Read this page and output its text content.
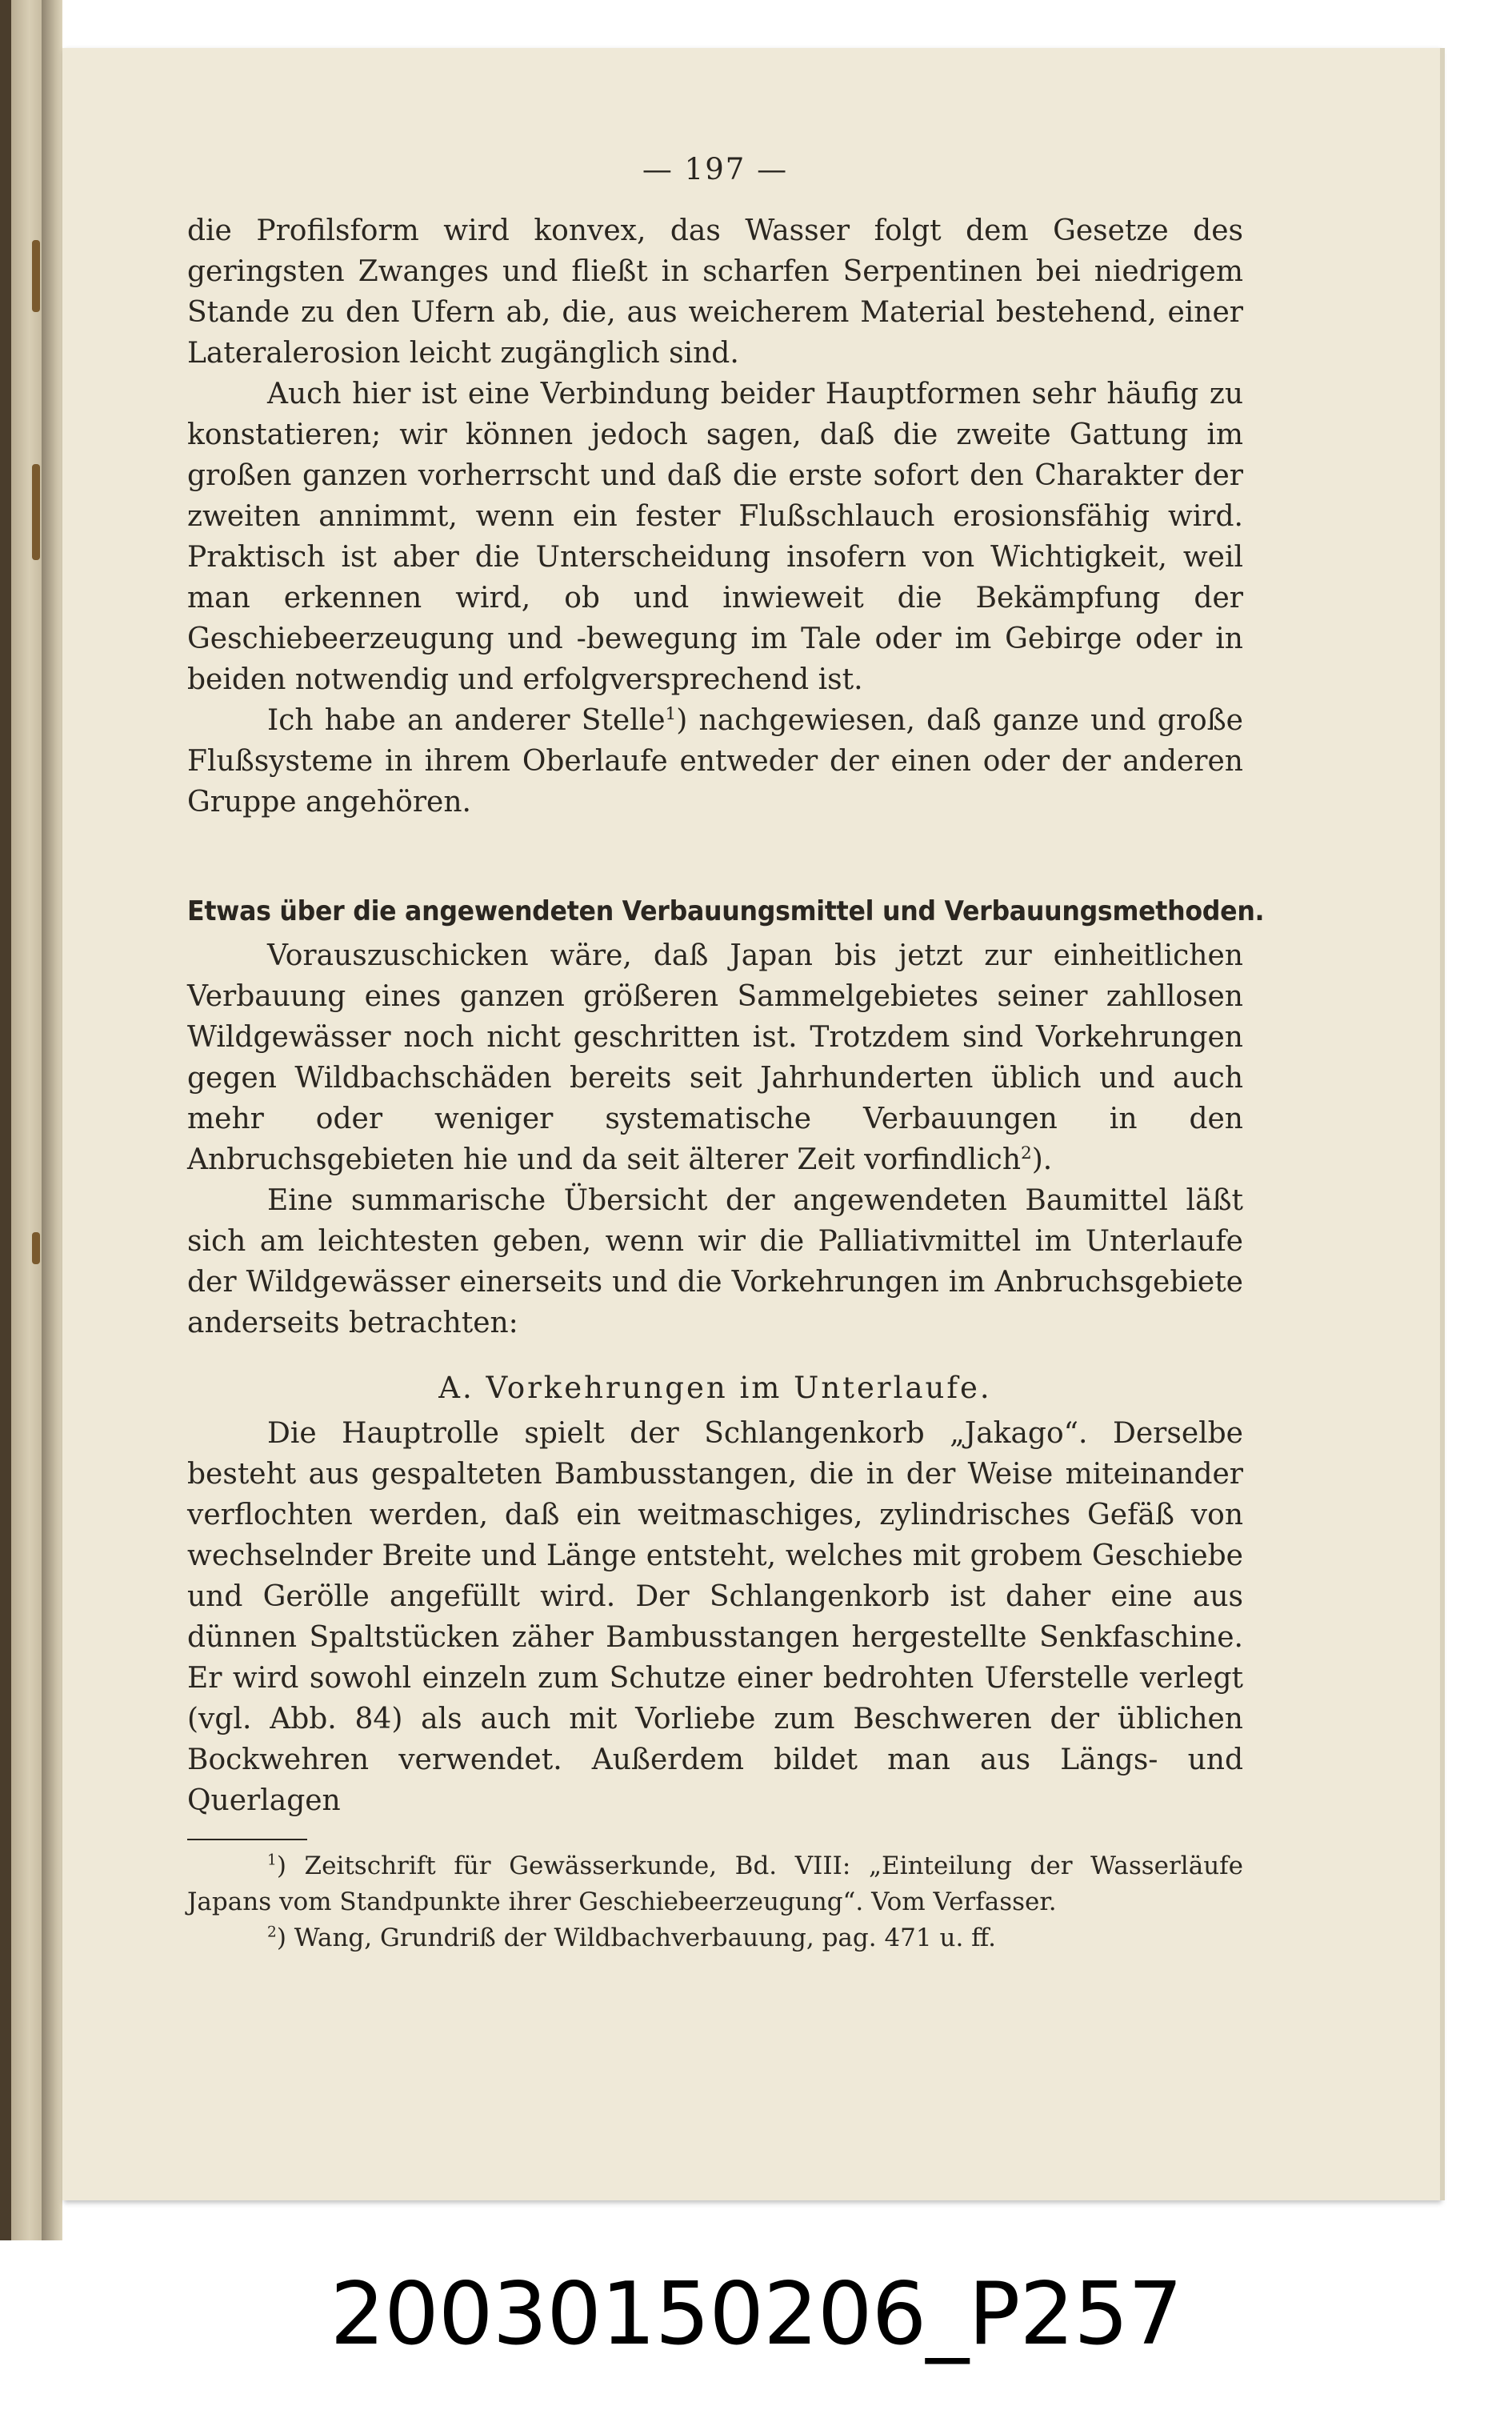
— 197 —

die Profilsform wird konvex, das Wasser folgt dem Gesetze des geringsten Zwanges und fließt in scharfen Serpentinen bei niedrigem Stande zu den Ufern ab, die, aus weicherem Material bestehend, einer Lateralerosion leicht zugänglich sind.

Auch hier ist eine Verbindung beider Hauptformen sehr häufig zu konstatieren; wir können jedoch sagen, daß die zweite Gattung im großen ganzen vorherrscht und daß die erste sofort den Charakter der zweiten annimmt, wenn ein fester Flußschlauch erosionsfähig wird. Praktisch ist aber die Unterscheidung insofern von Wichtigkeit, weil man erkennen wird, ob und inwieweit die Bekämpfung der Geschiebeerzeugung und -bewegung im Tale oder im Gebirge oder in beiden notwendig und erfolgversprechend ist.

Ich habe an anderer Stelle$^1$) nachgewiesen, daß ganze und große Flußsysteme in ihrem Oberlaufe entweder der einen oder der anderen Gruppe angehören.

Etwas über die angewendeten Verbauungsmittel und Verbauungsmethoden.

Vorauszuschicken wäre, daß Japan bis jetzt zur einheitlichen Verbauung eines ganzen größeren Sammelgebietes seiner zahllosen Wildgewässer noch nicht geschritten ist. Trotzdem sind Vorkehrungen gegen Wildbachschäden bereits seit Jahrhunderten üblich und auch mehr oder weniger systematische Verbauungen in den Anbruchsgebieten hie und da seit älterer Zeit vorfindlich$^2$).

Eine summarische Übersicht der angewendeten Baumittel läßt sich am leichtesten geben, wenn wir die Palliativmittel im Unterlaufe der Wildgewässer einerseits und die Vorkehrungen im Anbruchsgebiete anderseits betrachten:

A. Vorkehrungen im Unterlaufe.

Die Hauptrolle spielt der Schlangenkorb „Jakago“. Derselbe besteht aus gespalteten Bambusstangen, die in der Weise miteinander verflochten werden, daß ein weitmaschiges, zylindrisches Gefäß von wechselnder Breite und Länge entsteht, welches mit grobem Geschiebe und Gerölle angefüllt wird. Der Schlangenkorb ist daher eine aus dünnen Spaltstücken zäher Bambusstangen hergestellte Senkfaschine. Er wird sowohl einzeln zum Schutze einer bedrohten Uferstelle verlegt (vgl. Abb. 84) als auch mit Vorliebe zum Beschweren der üblichen Bockwehren verwendet. Außerdem bildet man aus Längs- und Querlagen

$^1$) Zeitschrift für Gewässerkunde, Bd. VIII: „Einteilung der Wasserläufe Japans vom Standpunkte ihrer Geschiebeerzeugung“. Vom Verfasser.

$^2$) Wang, Grundriß der Wildbachverbauung, pag. 471 u. ff.

20030150206_P257
